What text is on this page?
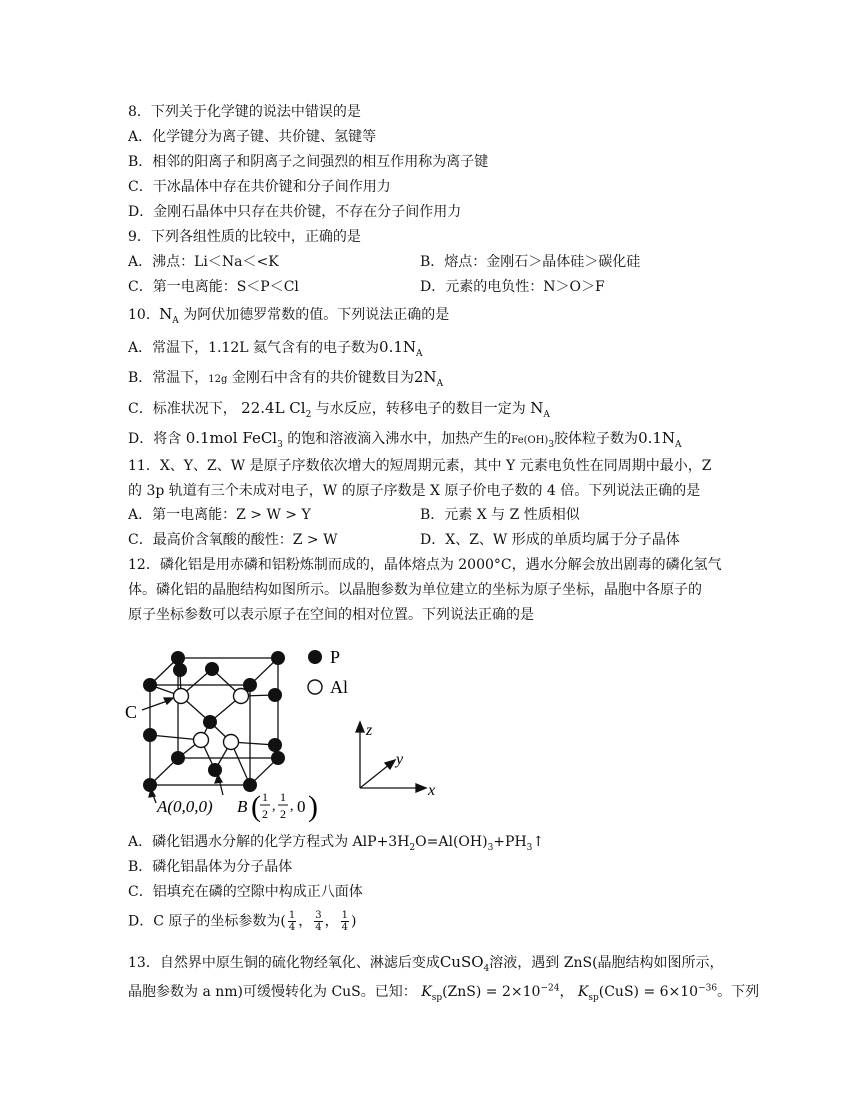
8．下列关于化学键的说法中错误的是
A．化学键分为离子键、共价键、氢键等
B．相邻的阳离子和阴离子之间强烈的相互作用称为离子键
C．干冰晶体中存在共价键和分子间作用力
D．金刚石晶体中只存在共价键，不存在分子间作用力
9．下列各组性质的比较中，正确的是
A．沸点：Li＜Na＜<K	B．熔点：金刚石＞晶体硅＞碳化硅
C．第一电离能：S＜P＜Cl	D．元素的电负性：N＞O＞F
10. $N_A$ 为阿伏加德罗常数的值。下列说法正确的是
A．常温下，1.12L 氦气含有的电子数为$0.1N_A$
B．常温下，12g 金刚石中含有的共价键数目为$2N_A$
C．标准状况下， 22.4L $Cl_2$ 与水反应，转移电子的数目一定为 $N_A$
D．将含 0.1mol FeCl$_3$ 的饱和溶液滴入沸水中，加热产生的$Fe(OH)_3$胶体粒子数为$0.1N_A$
11．X、Y、Z、W 是原子序数依次增大的短周期元素，其中 Y 元素电负性在同周期中最小，Z
的 3p 轨道有三个未成对电子，W 的原子序数是 X 原子价电子数的 4 倍。下列说法正确的是
A．第一电离能：Z > W > Y	B．元素 X 与 Z 性质相似
C．最高价含氧酸的酸性：Z > W	D．X、Z、W 形成的单质均属于分子晶体
12．磷化铝是用赤磷和铝粉炼制而成的，晶体熔点为 2000°C，遇水分解会放出剧毒的磷化氢气
体。磷化铝的晶胞结构如图所示。以晶胞参数为单位建立的坐标为原子坐标，晶胞中各原子的
原子坐标参数可以表示原子在空间的相对位置。下列说法正确的是
C
A(0,0,0) B ( 1
2 ,
1
2 , 0 )
P
Al
z
y
x
A．磷化铝遇水分解的化学方程式为 $AlP+3H_2O=Al(OH)_3+PH_3↑$
B．磷化铝晶体为分子晶体
C．铝填充在磷的空隙中构成正八面体
D．C 原子的坐标参数为( $\frac{1}{4}$ ， $\frac{3}{4}$ ， $\frac{1}{4}$ )
13．自然界中原生铜的硫化物经氧化、淋滤后变成CuSO$_4$溶液，遇到 ZnS(晶胞结构如图所示，
晶胞参数为 a nm)可缓慢转化为 CuS。已知： $K_{sp}(ZnS) = 2\times 10^{-24}$， $K_{sp}(CuS) = 6\times 10^{-36}$。下列
